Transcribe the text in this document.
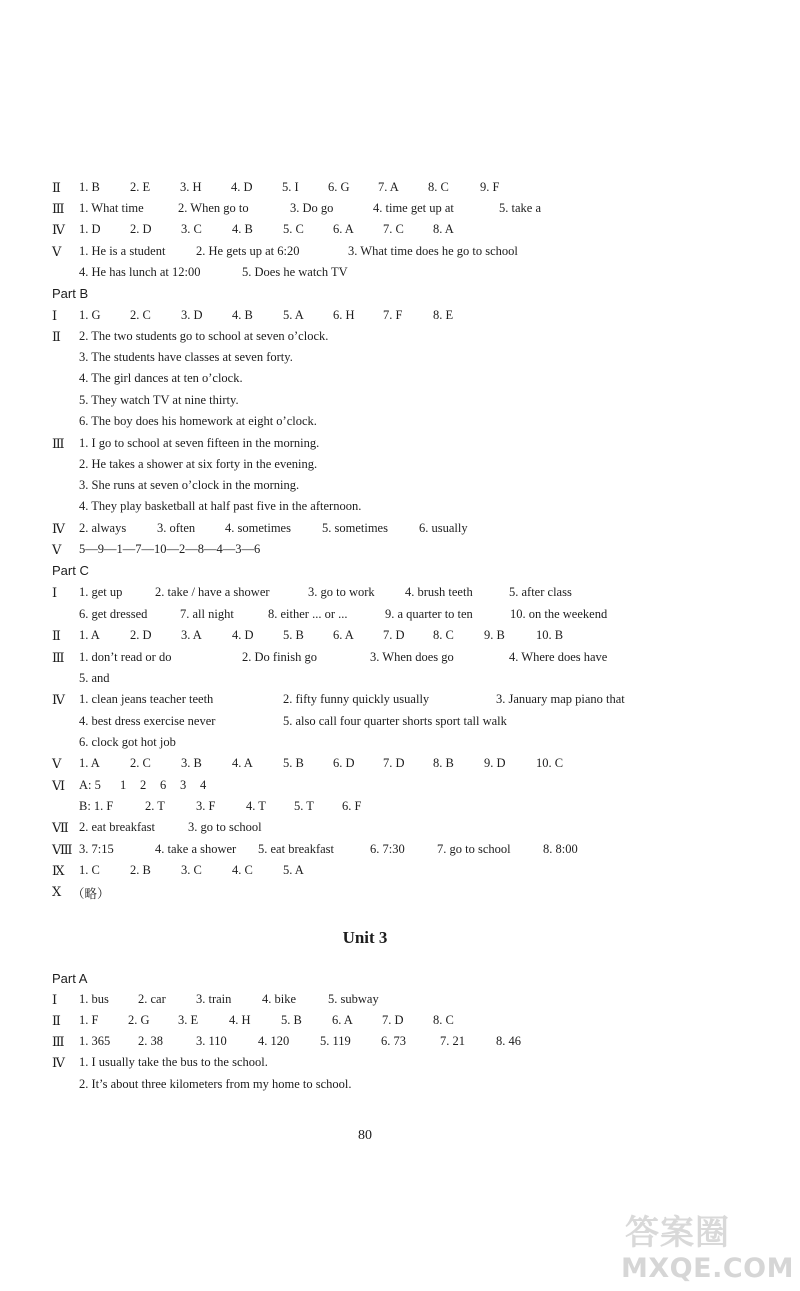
Ⅱ	1. B 2. E 3. H 4. D 5. I 6. G 7. A 8. C 9. F
Ⅲ	1. What time	2. When go to	3. Do go	4. time get up at	5. take a
Ⅳ	1. D 2. D 3. C 4. B 5. C 6. A 7. C 8. A
Ⅴ	1. He is a student 2. He gets up at 6:20	3. What time does he go to school
4. He has lunch at 12:00	5. Does he watch TV
Part B
Ⅰ	1. G 2. C 3. D 4. B 5. A 6. H 7. F 8. E
Ⅱ	2. The two students go to school at seven o’clock.
3. The students have classes at seven forty.
4. The girl dances at ten o’clock.
5. They watch TV at nine thirty.
6. The boy does his homework at eight o’clock.
Ⅲ	1. I go to school at seven fifteen in the morning.
2. He takes a shower at six forty in the evening.
3. She runs at seven o’clock in the morning.
4. They play basketball at half past five in the afternoon.
Ⅳ	2. always 3. often 4. sometimes 5. sometimes 6. usually
Ⅴ	5—9—1—7—10—2—8—4—3—6
Part C
Ⅰ	1. get up	2. take / have a shower	3. go to work 4. brush teeth	5. after class
6. get dressed	7. all night	8. either ... or ...	9. a quarter to ten	10. on the weekend
Ⅱ	1. A 2. D 3. A 4. D 5. B 6. A 7. D 8. C 9. B 10. B
Ⅲ	1. don’t read or do	2. Do finish go	3. When does go	4. Where does have
5. and
Ⅳ	1. clean jeans teacher teeth	2. fifty funny quickly usually	3. January map piano that
4. best dress exercise never	5. also call four quarter shorts sport tall walk
6. clock got hot job
Ⅴ	1. A 2. C 3. B 4. A 5. B 6. D 7. D 8. B 9. D 10. C
Ⅵ	A: 5 1 2 6 3 4
B: 1. F	2. T 3. F 4. T 5. T 6. F
Ⅶ 2. eat breakfast	3. go to school
Ⅷ 3. 7:15	4. take a shower 5. eat breakfast	6. 7:30	7. go to school	8. 8:00
Ⅸ	1. C 2. B 3. C 4. C 5. A
Ⅹ （略）
Unit 3
Part A
Ⅰ	1. bus 2. car 3. train 4. bike	5. subway
Ⅱ	1. F 2. G 3. E 4. H 5. B 6. A 7. D 8. C
Ⅲ	1. 365 2. 38	3. 110 4. 120 5. 119 6. 73	7. 21 8. 46
Ⅳ	1. I usually take the bus to the school.
2. It’s about three kilometers from my home to school.
80
答案圈
MXQE.COM
